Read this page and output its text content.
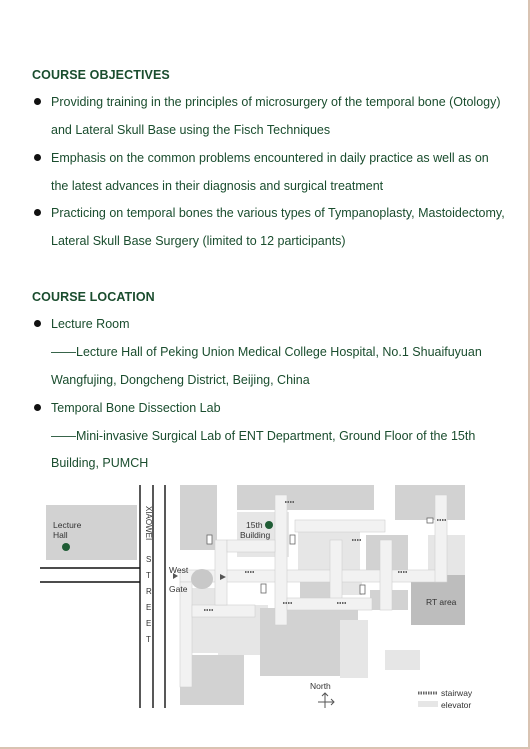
COURSE OBJECTIVES
Providing training in the principles of microsurgery of the temporal bone (Otology)
and Lateral Skull Base using the Fisch Techniques
Emphasis on the common problems encountered in daily practice as well as on
the latest advances in their diagnosis and surgical treatment
Practicing on temporal bones the various types of Tympanoplasty, Mastoidectomy,
Lateral Skull Base Surgery (limited to 12 participants)
COURSE LOCATION
Lecture Room
——Lecture Hall of Peking Union Medical College Hospital, No.1 Shuaifuyuan
Wangfujing, Dongcheng District, Beijing, China
Temporal Bone Dissection Lab
——Mini-invasive Surgical Lab of ENT Department, Ground Floor of the 15th
Building, PUMCH
Lecture
Hall	XIAOWEI
S
T
R
E
E
T
West
Gate
15th
Building
RT area
North
stairway
elevator
